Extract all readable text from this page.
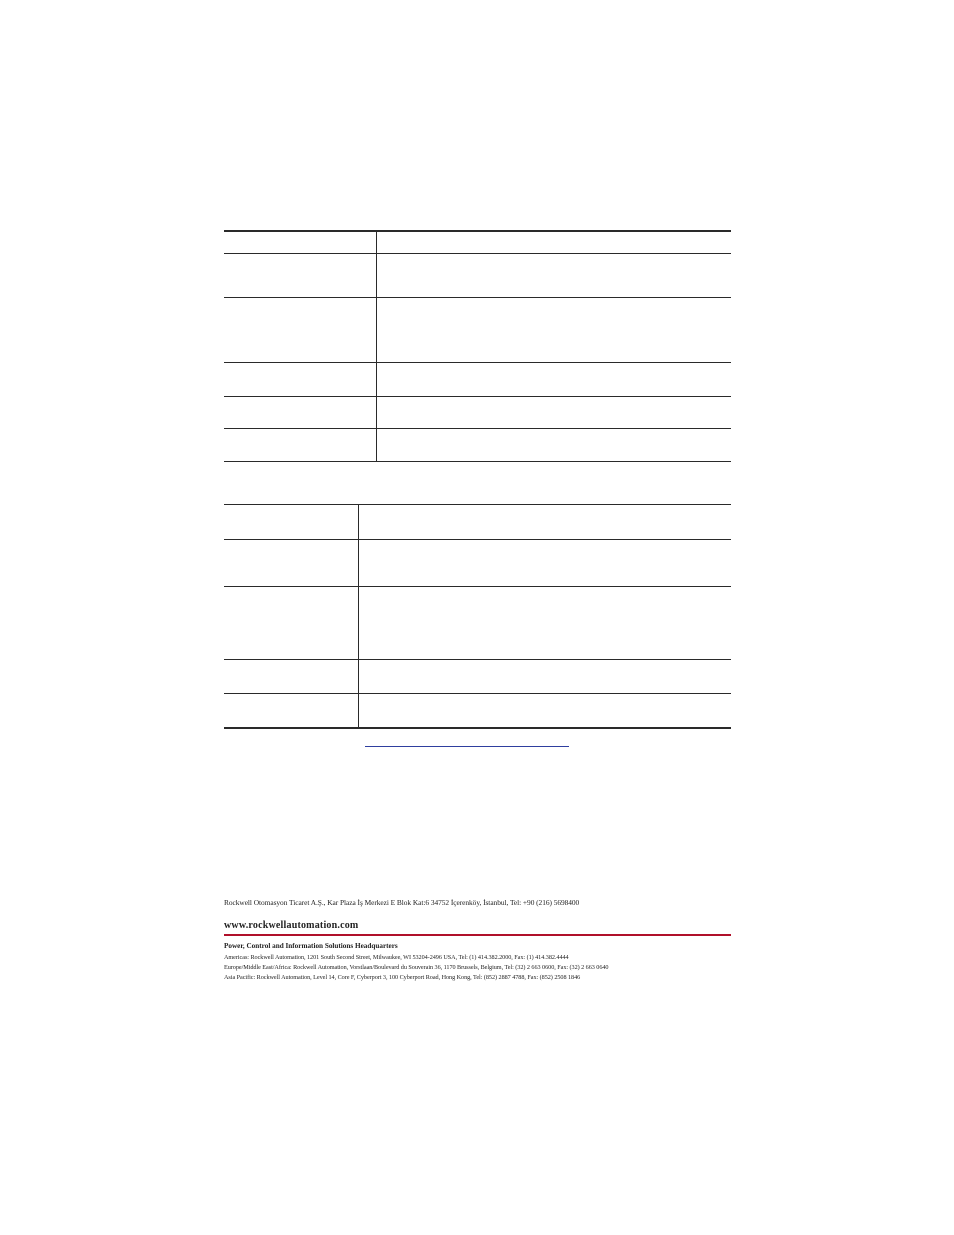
Rockwell Otomasyon Ticaret A.Ş., Kar Plaza İş Merkezi E Blok Kat:6 34752 İçerenköy, İstanbul, Tel: +90 (216) 5698400
www.rockwellautomation.com
Power, Control and Information Solutions Headquarters
Americas: Rockwell Automation, 1201 South Second Street, Milwaukee, WI 53204-2496 USA, Tel: (1) 414.382.2000, Fax: (1) 414.382.4444
Europe/Middle East/Africa: Rockwell Automation, Vorstlaan/Boulevard du Souverain 36, 1170 Brussels, Belgium, Tel: (32) 2 663 0600, Fax: (32) 2 663 0640
Asia Pacific: Rockwell Automation, Level 14, Core F, Cyberport 3, 100 Cyberport Road, Hong Kong, Tel: (852) 2887 4788, Fax: (852) 2508 1846
